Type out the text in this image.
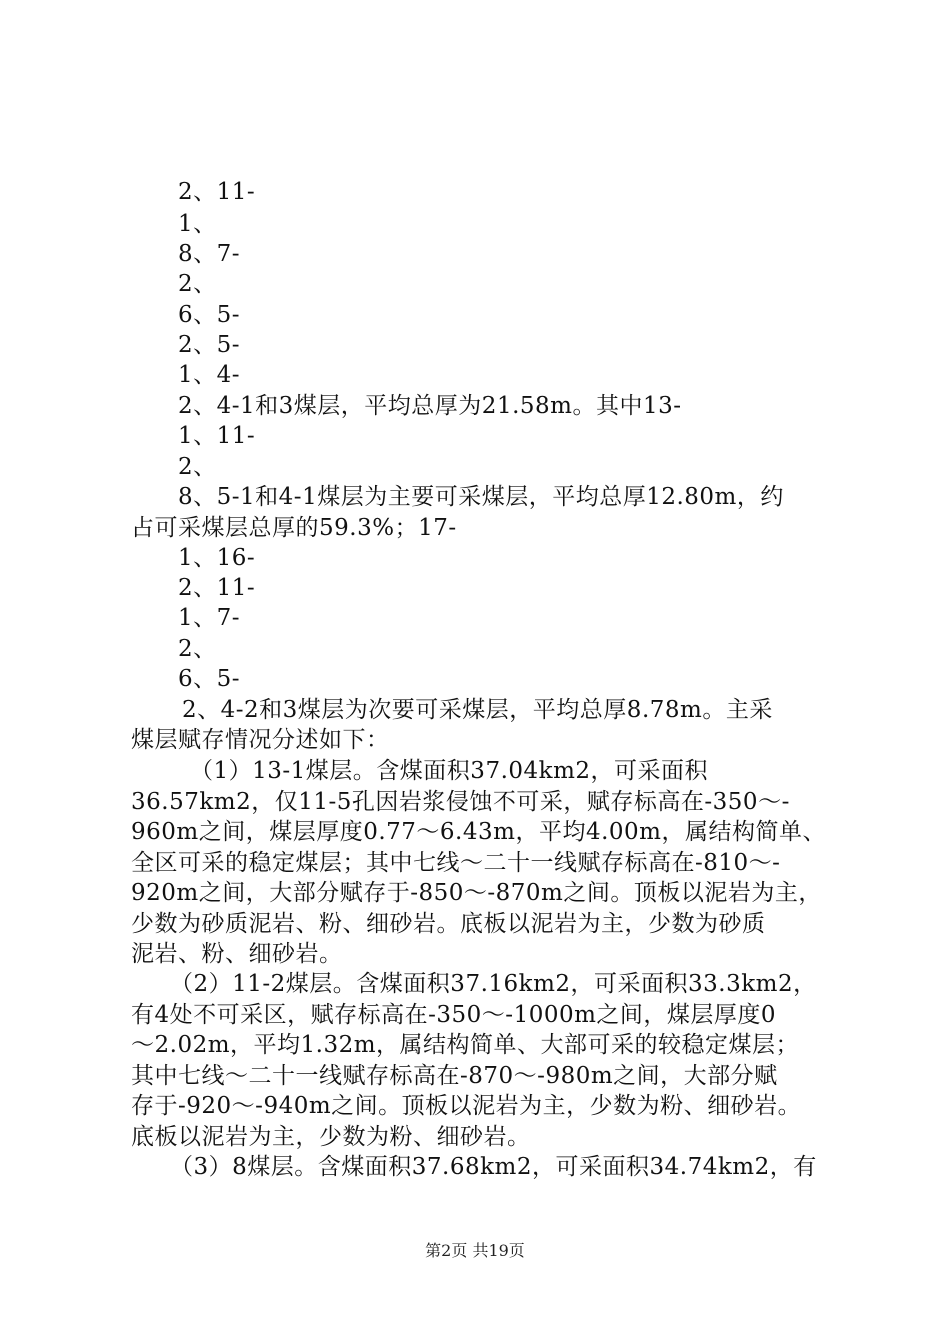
2、11-
1、
8、7-
2、
6、5-
2、5-
1、4-
2、4-1和3煤层，平均总厚为21.58m。其中13-
1、11-
2、
8、5-1和4-1煤层为主要可采煤层，平均总厚12.80m，约
占可采煤层总厚的59.3%；17-
1、16-
2、11-
1、7-
2、
6、5-
2、4-2和3煤层为次要可采煤层，平均总厚8.78m。主采
煤层赋存情况分述如下：
（1）13-1煤层。含煤面积37.04km2，可采面积
36.57km2，仅11-5孔因岩浆侵蚀不可采，赋存标高在-350～-
960m之间，煤层厚度0.77～6.43m，平均4.00m，属结构简单、
全区可采的稳定煤层；其中七线～二十一线赋存标高在-810～-
920m之间，大部分赋存于-850～-870m之间。顶板以泥岩为主，
少数为砂质泥岩、粉、细砂岩。底板以泥岩为主，少数为砂质
泥岩、粉、细砂岩。
（2）11-2煤层。含煤面积37.16km2，可采面积33.3km2，
有4处不可采区，赋存标高在-350～-1000m之间，煤层厚度0
～2.02m，平均1.32m，属结构简单、大部可采的较稳定煤层；
其中七线～二十一线赋存标高在-870～-980m之间，大部分赋
存于-920～-940m之间。顶板以泥岩为主，少数为粉、细砂岩。
底板以泥岩为主，少数为粉、细砂岩。
（3）8煤层。含煤面积37.68km2，可采面积34.74km2，有
第2页 共19页
